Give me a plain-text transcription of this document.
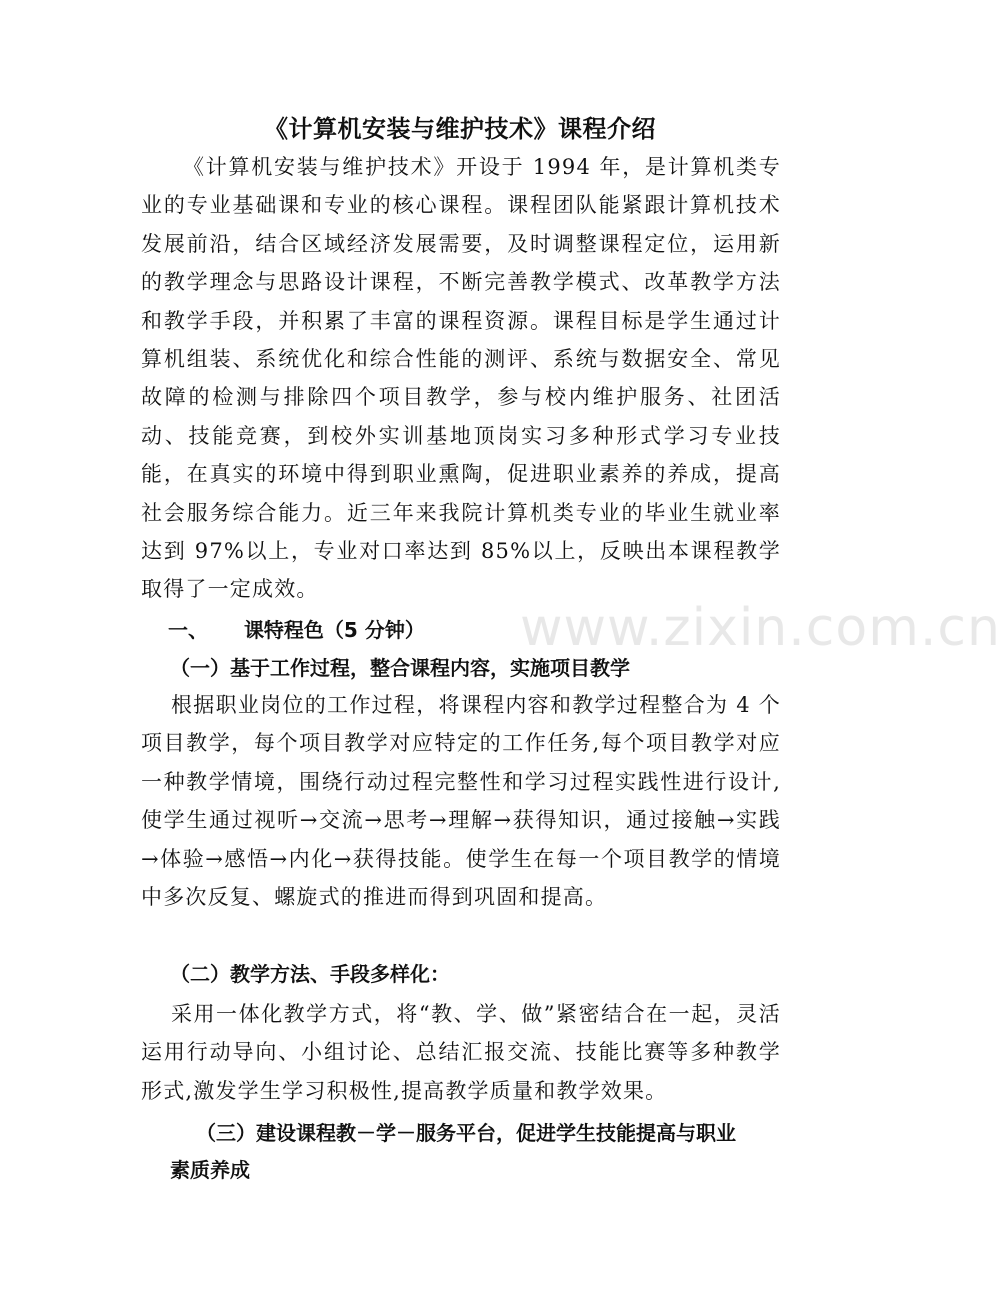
www.zixin.com.cn
《计算机安装与维护技术》课程介绍

《计算机安装与维护技术》开设于 1994 年，是计算机类专业的专业基础课和专业的核心课程。课程团队能紧跟计算机技术发展前沿，结合区域经济发展需要，及时调整课程定位，运用新的教学理念与思路设计课程，不断完善教学模式、改革教学方法和教学手段，并积累了丰富的课程资源。课程目标是学生通过计算机组装、系统优化和综合性能的测评、系统与数据安全、常见故障的检测与排除四个项目教学，参与校内维护服务、社团活动、技能竞赛，到校外实训基地顶岗实习多种形式学习专业技能，在真实的环境中得到职业熏陶，促进职业素养的养成，提高社会服务综合能力。近三年来我院计算机类专业的毕业生就业率达到 97%以上，专业对口率达到 85%以上，反映出本课程教学取得了一定成效。

一、 课特程色（5 分钟）
（一）基于工作过程，整合课程内容，实施项目教学

根据职业岗位的工作过程，将课程内容和教学过程整合为 4 个项目教学，每个项目教学对应特定的工作任务,每个项目教学对应一种教学情境，围绕行动过程完整性和学习过程实践性进行设计,使学生通过视听→交流→思考→理解→获得知识，通过接触→实践→体验→感悟→内化→获得技能。使学生在每一个项目教学的情境中多次反复、螺旋式的推进而得到巩固和提高。

（二）教学方法、手段多样化：

采用一体化教学方式，将“教、学、做”紧密结合在一起，灵活运用行动导向、小组讨论、总结汇报交流、技能比赛等多种教学形式,激发学生学习积极性,提高教学质量和教学效果。

（三）建设课程教－学－服务平台，促进学生技能提高与职业
素质养成
